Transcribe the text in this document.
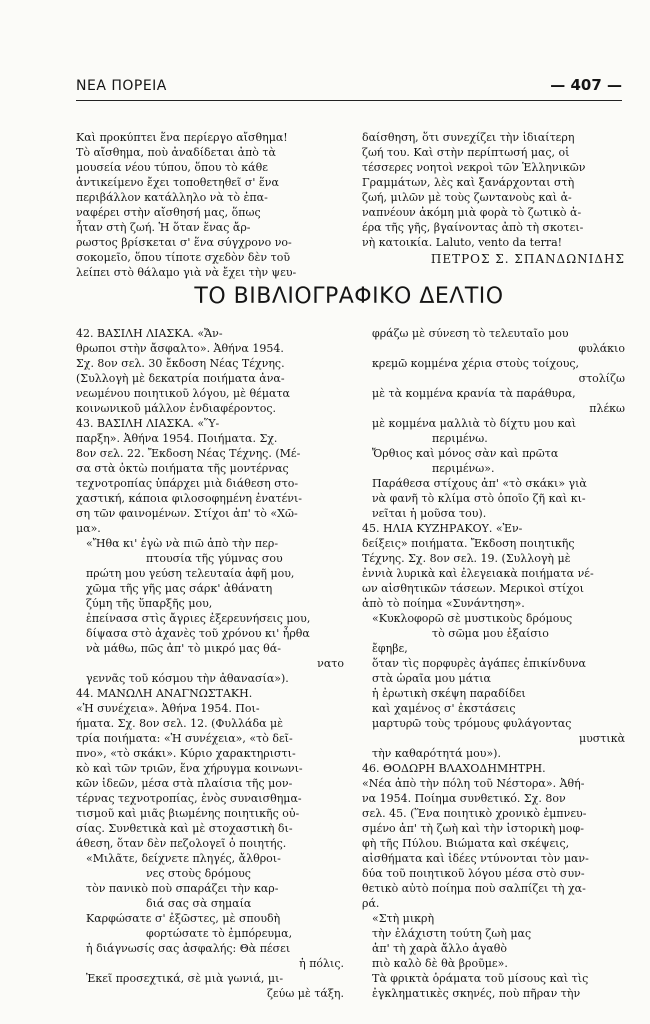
ΝΕΑ ΠΟΡΕΙΑ	— 407 —
Καὶ προκύπτει ἕνα περίεργο αἴσθημα!
Τὸ αἴσθημα, ποὺ ἀναδίδεται ἀπὸ τὰ
μουσεία νέου τύπου, ὅπου τὸ κάθε
ἀντικείμενο ἔχει τοποθετηθεῖ σ' ἕνα
περιβάλλον κατάλληλο νὰ τὸ ἐπα-
ναφέρει στὴν αἴσθησή μας, ὅπως
ἦταν στὴ ζωή. Ἡ ὅταν ἕνας ἄρ-
ρωστος βρίσκεται σ' ἕνα σύγχρονο νο-
σοκομεῖο, ὅπου τίποτε σχεδὸν δὲν τοῦ
λείπει στὸ θάλαμο γιὰ νὰ ἔχει τὴν ψευ-
δαίσθηση, ὅτι συνεχίζει τὴν ἰδιαίτερη
ζωή του. Καὶ στὴν περίπτωσή μας, οἱ
τέσσερες νοητοὶ νεκροὶ τῶν Ἑλληνικῶν
Γραμμάτων, λὲς καὶ ξανάρχονται στὴ
ζωή, μιλῶν μὲ τοὺς ζωντανοὺς καὶ ἀ-
ναπνέουν ἀκόμη μιὰ φορὰ τὸ ζωτικὸ ἀ-
έρα τῆς γῆς, βγαίνοντας ἀπὸ τὴ σκοτει-
νὴ κατοικία. Laluto, vento da terra!
ΠΕΤΡΟΣ Σ. ΣΠΑΝΔΩΝΙΔΗΣ
ΤΟ ΒΙΒΛΙΟΓΡΑΦΙΚΟ ΔΕΛΤΙΟ
42. ΒΑΣΙΛΗ ΛΙΑΣΚΑ. «Ἄν-
θρωποι στὴν ἄσφαλτο». Ἀθήνα 1954.
Σχ. 8ον σελ. 30 ἔκδοση Νέας Τέχνης.
(Συλλογὴ μὲ δεκατρία ποιήματα ἀνα-
νεωμένου ποιητικοῦ λόγου, μὲ θέματα
κοινωνικοῦ μάλλον ἐνδιαφέροντος.
43. ΒΑΣΙΛΗ ΛΙΑΣΚΑ. «Ὕ-
παρξη». Ἀθήνα 1954. Ποιήματα. Σχ.
8ον σελ. 22. Ἔκδοση Νέας Τέχνης. (Μέ-
σα στὰ ὀκτὼ ποιήματα τῆς μοντέρνας
τεχνοτροπίας ὑπάρχει μιὰ διάθεση στο-
χαστική, κάποια φιλοσοφημένη ἐνατένι-
ση τῶν φαινομένων. Στίχοι ἀπ' τὸ «Χῶ-
μα».
«Ἤθα κι' ἐγὼ νὰ πιῶ ἀπὸ τὴν περ-
πτουσία τῆς γύμνας σου
πρώτη μου γεύση τελευταία ἀφῆ μου,
χῶμα τῆς γῆς μας σάρκ' ἀθάνατη
ζύμη τῆς ὕπαρξῆς μου,
ἐπείνασα στὶς ἄγριες ἐξερευνήσεις μου,
δίψασα στὸ ἀχανὲς τοῦ χρόνου κι' ἦρθα
νὰ μάθω, πῶς ἀπ' τὸ μικρό μας θά-
νατο
γεννᾶς τοῦ κόσμου τὴν ἀθανασία»).
44. ΜΑΝΩΛΗ ΑΝΑΓΝΩΣΤΑΚΗ.
«Ἡ συνέχεια». Ἀθήνα 1954. Ποι-
ήματα. Σχ. 8ον σελ. 12. (Φυλλάδα μὲ
τρία ποιήματα: «Ἡ συνέχεια», «τὸ δεῖ-
πνο», «τὸ σκάκι». Κύριο χαρακτηριστι-
κὸ καὶ τῶν τριῶν, ἕνα χήρυγμα κοινωνι-
κῶν ἰδεῶν, μέσα στὰ πλαίσια τῆς μον-
τέρνας τεχνοτροπίας, ἑνὸς συναισθημα-
τισμοῦ καὶ μιᾶς βιωμένης ποιητικῆς οὐ-
σίας. Συνθετικὰ καὶ μὲ στοχαστικὴ δι-
άθεση, ὅταν δὲν πεζολογεῖ ὁ ποιητής.
«Μιλᾶτε, δείχνετε πληγές, ἄλθροι-
νες στοὺς δρόμους
τὸν πανικὸ ποὺ σπαράζει τὴν καρ-
διά σας σὰ σημαία
Καρφώσατε σ' ἐξῶστες, μὲ σπουδὴ
φορτώσατε τὸ ἐμπόρευμα,
ἡ διάγνωσίς σας ἀσφαλής: Θὰ πέσει
ἡ πόλις.
Ἐκεῖ προσεχτικά, σὲ μιὰ γωνιά, μι-
ζεύω μὲ τάξη.
φράζω μὲ σύνεση τὸ τελευταῖο μου
φυλάκιο
κρεμῶ κομμένα χέρια στοὺς τοίχους,
στολίζω
μὲ τὰ κομμένα κρανία τὰ παράθυρα,
πλέκω
μὲ κομμένα μαλλιὰ τὸ δίχτυ μου καὶ
περιμένω.
Ὄρθιος καὶ μόνος σὰν καὶ πρῶτα
περιμένω».
Παράθεσα στίχους ἀπ' «τὸ σκάκι» γιὰ
νὰ φανῆ τὸ κλίμα στὸ ὁποῖο ζῆ καὶ κι-
νεῖται ἡ μοῦσα του).
45. ΗΛΙΑ ΚΥΖΗΡΑΚΟΥ. «Ἐν-
δείξεις» ποιήματα. Ἔκδοση ποιητικῆς
Τέχνης. Σχ. 8ον σελ. 19. (Συλλογὴ μὲ
ἐννιὰ λυρικὰ καὶ ἐλεγειακὰ ποιήματα νέ-
ων αἰσθητικῶν τάσεων. Μερικοὶ στίχοι
ἀπὸ τὸ ποίημα «Συνάντηση».
«Κυκλοφορῶ σὲ μυστικοὺς δρόμους
τὸ σῶμα μου ἐξαίσιο
ἔφηβε,
ὅταν τὶς πορφυρὲς ἀγάπες ἐπικίνδυνα
στὰ ὡραῖα μου μάτια
ἡ ἐρωτικὴ σκέψη παραδίδει
καὶ χαμένος σ' ἐκστάσεις
μαρτυρῶ τοὺς τρόμους φυλάγοντας
μυστικὰ
τὴν καθαρότητά μου»).
46. ΘΟΔΩΡΗ ΒΛΑΧΟΔΗΜΗΤΡΗ.
«Νέα ἀπὸ τὴν πόλη τοῦ Νέστορα». Ἀθή-
να 1954. Ποίημα συνθετικό. Σχ. 8ον
σελ. 45. (Ἕνα ποιητικὸ χρονικὸ ἐμπνευ-
σμένο ἀπ' τὴ ζωὴ καὶ τὴν ἱστορικὴ μοφ-
φὴ τῆς Πύλου. Βιώματα καὶ σκέψεις,
αἰσθήματα καὶ ἰδέες ντύνονται τὸν μαν-
δύα τοῦ ποιητικοῦ λόγου μέσα στὸ συν-
θετικὸ αὐτὸ ποίημα ποὺ σαλπίζει τὴ χα-
ρά.
«Στὴ μικρὴ
τὴν ἐλάχιστη τούτη ζωὴ μας
ἀπ' τὴ χαρὰ ἄλλο ἀγαθὸ
πιὸ καλὸ δὲ θὰ βροῦμε».
Τὰ φρικτὰ ὁράματα τοῦ μίσους καὶ τὶς
ἐγκληματικὲς σκηνές, ποὺ πῆραν τὴν
